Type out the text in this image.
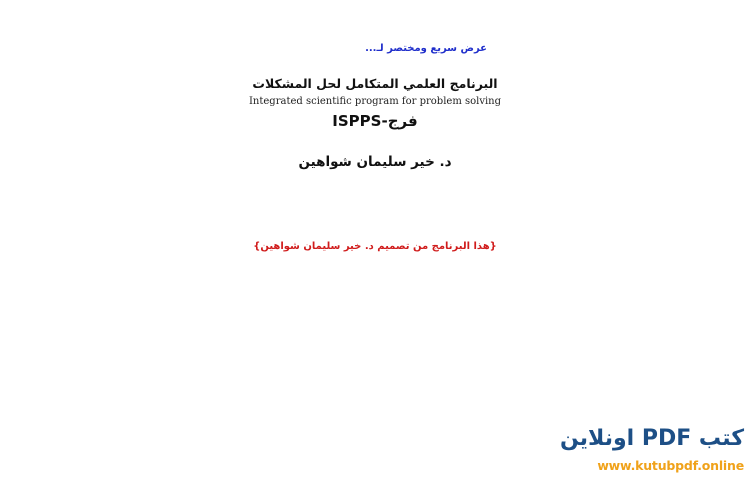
عرض سريع ومختصر لـ...
البرنامج العلمي المتكامل لحل المشكلات
Integrated scientific program for problem solving
فرج-ISPPS
د. خير سليمان شواهين
{هذا البرنامج من تصميم د. خير سليمان شواهين}
كتب PDF اونلاين
www.kutubpdf.online
